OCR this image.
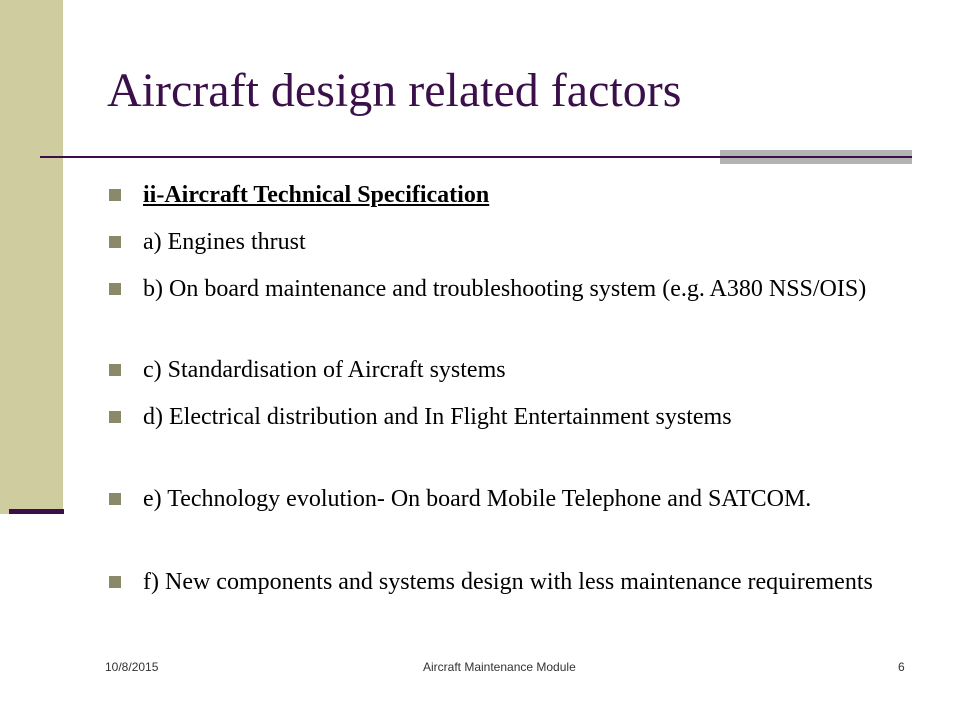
Aircraft design related factors
ii-Aircraft Technical Specification
a) Engines thrust
b) On board maintenance and troubleshooting system (e.g. A380 NSS/OIS)
c) Standardisation of Aircraft systems
d) Electrical distribution and In Flight Entertainment systems
e) Technology evolution- On board Mobile Telephone and SATCOM.
f) New components and systems design with less maintenance requirements
10/8/2015	Aircraft Maintenance Module	6
